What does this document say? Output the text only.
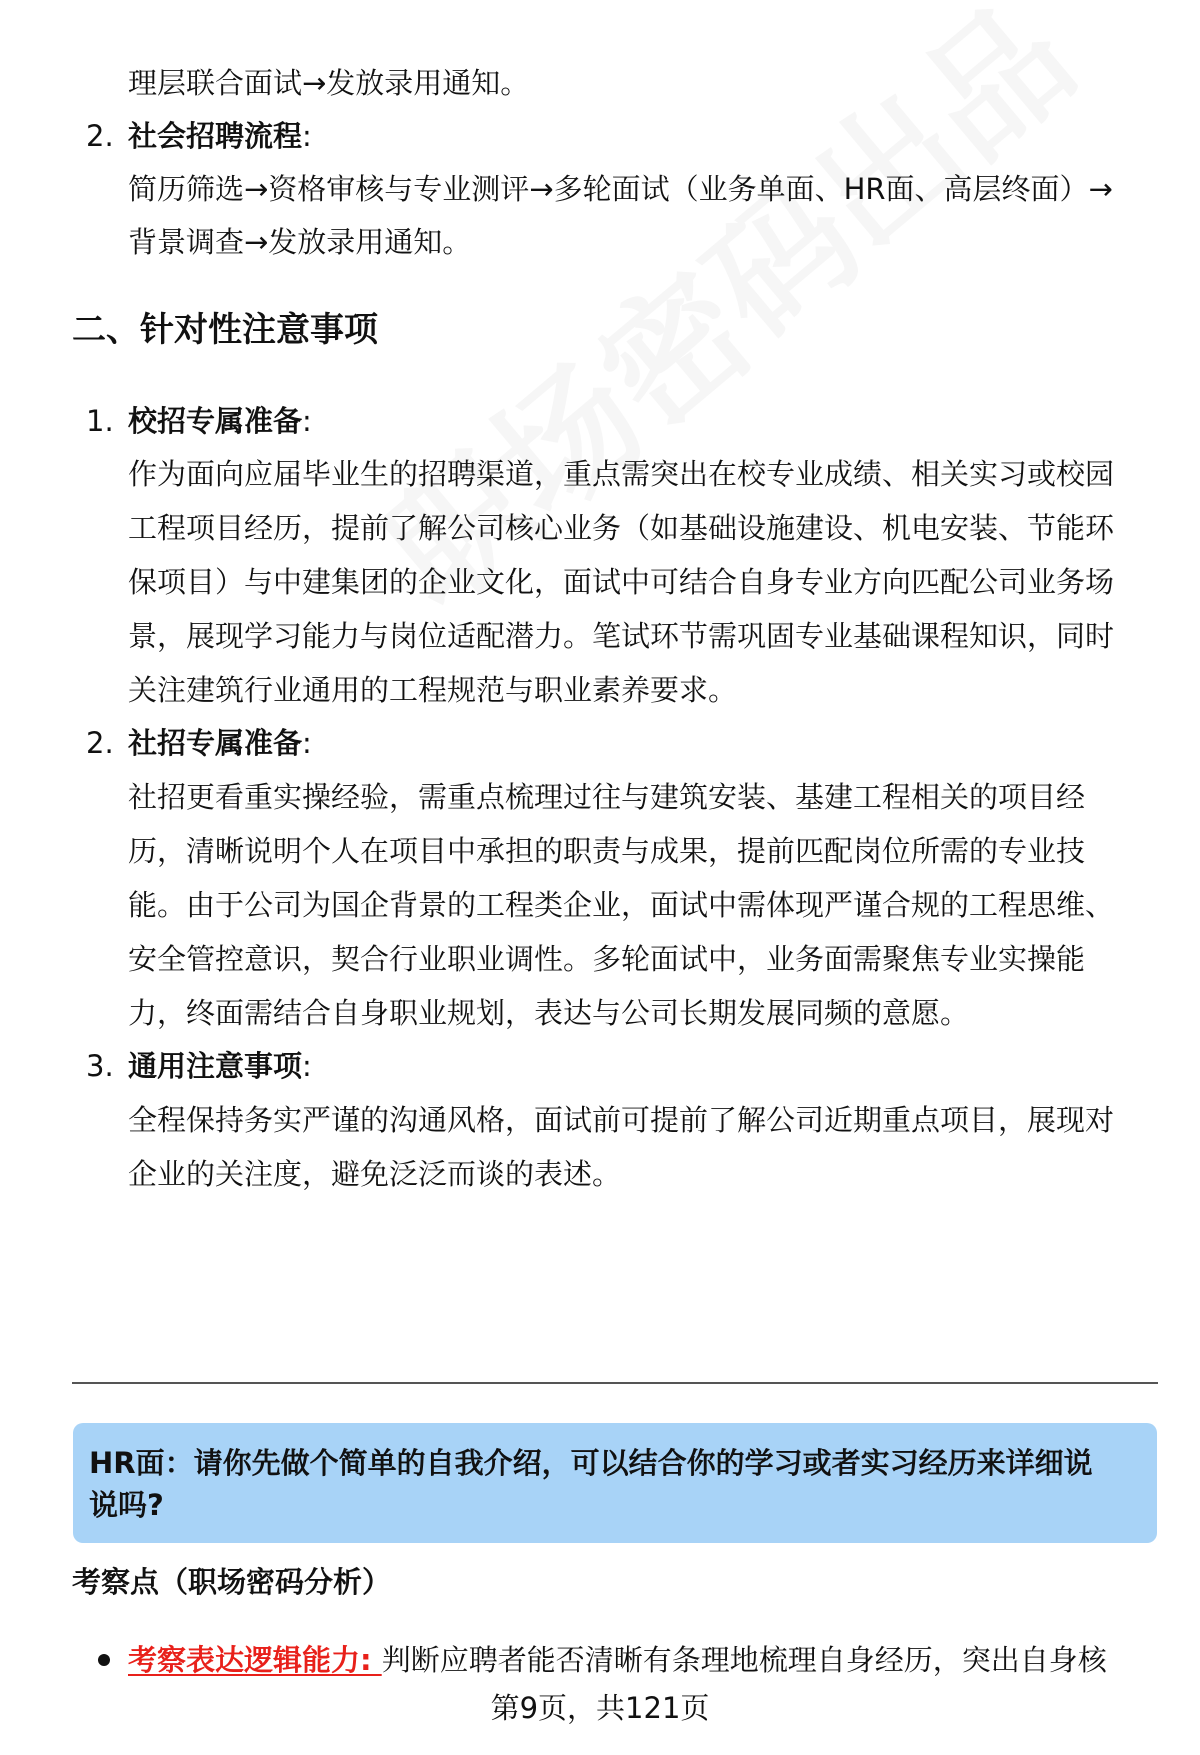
理层联合面试→发放录用通知。
2. 社会招聘流程:
简历筛选→资格审核与专业测评→多轮面试（业务单面、HR面、高层终面）→
背景调查→发放录用通知。
二、针对性注意事项
1. 校招专属准备:
作为面向应届毕业生的招聘渠道，重点需突出在校专业成绩、相关实习或校园
工程项目经历，提前了解公司核心业务（如基础设施建设、机电安装、节能环
保项目）与中建集团的企业文化，面试中可结合自身专业方向匹配公司业务场
景，展现学习能力与岗位适配潜力。笔试环节需巩固专业基础课程知识，同时
关注建筑行业通用的工程规范与职业素养要求。
2. 社招专属准备:
社招更看重实操经验，需重点梳理过往与建筑安装、基建工程相关的项目经
历，清晰说明个人在项目中承担的职责与成果，提前匹配岗位所需的专业技
能。由于公司为国企背景的工程类企业，面试中需体现严谨合规的工程思维、
安全管控意识，契合行业职业调性。多轮面试中，业务面需聚焦专业实操能
力，终面需结合自身职业规划，表达与公司长期发展同频的意愿。
3. 通用注意事项:
全程保持务实严谨的沟通风格，面试前可提前了解公司近期重点项目，展现对
企业的关注度，避免泛泛而谈的表述。
HR面：请你先做个简单的自我介绍，可以结合你的学习或者实习经历来详细说
说吗?
考察点（职场密码分析）
考察表达逻辑能力: 判断应聘者能否清晰有条理地梳理自身经历，突出自身核
第9页，共121页
